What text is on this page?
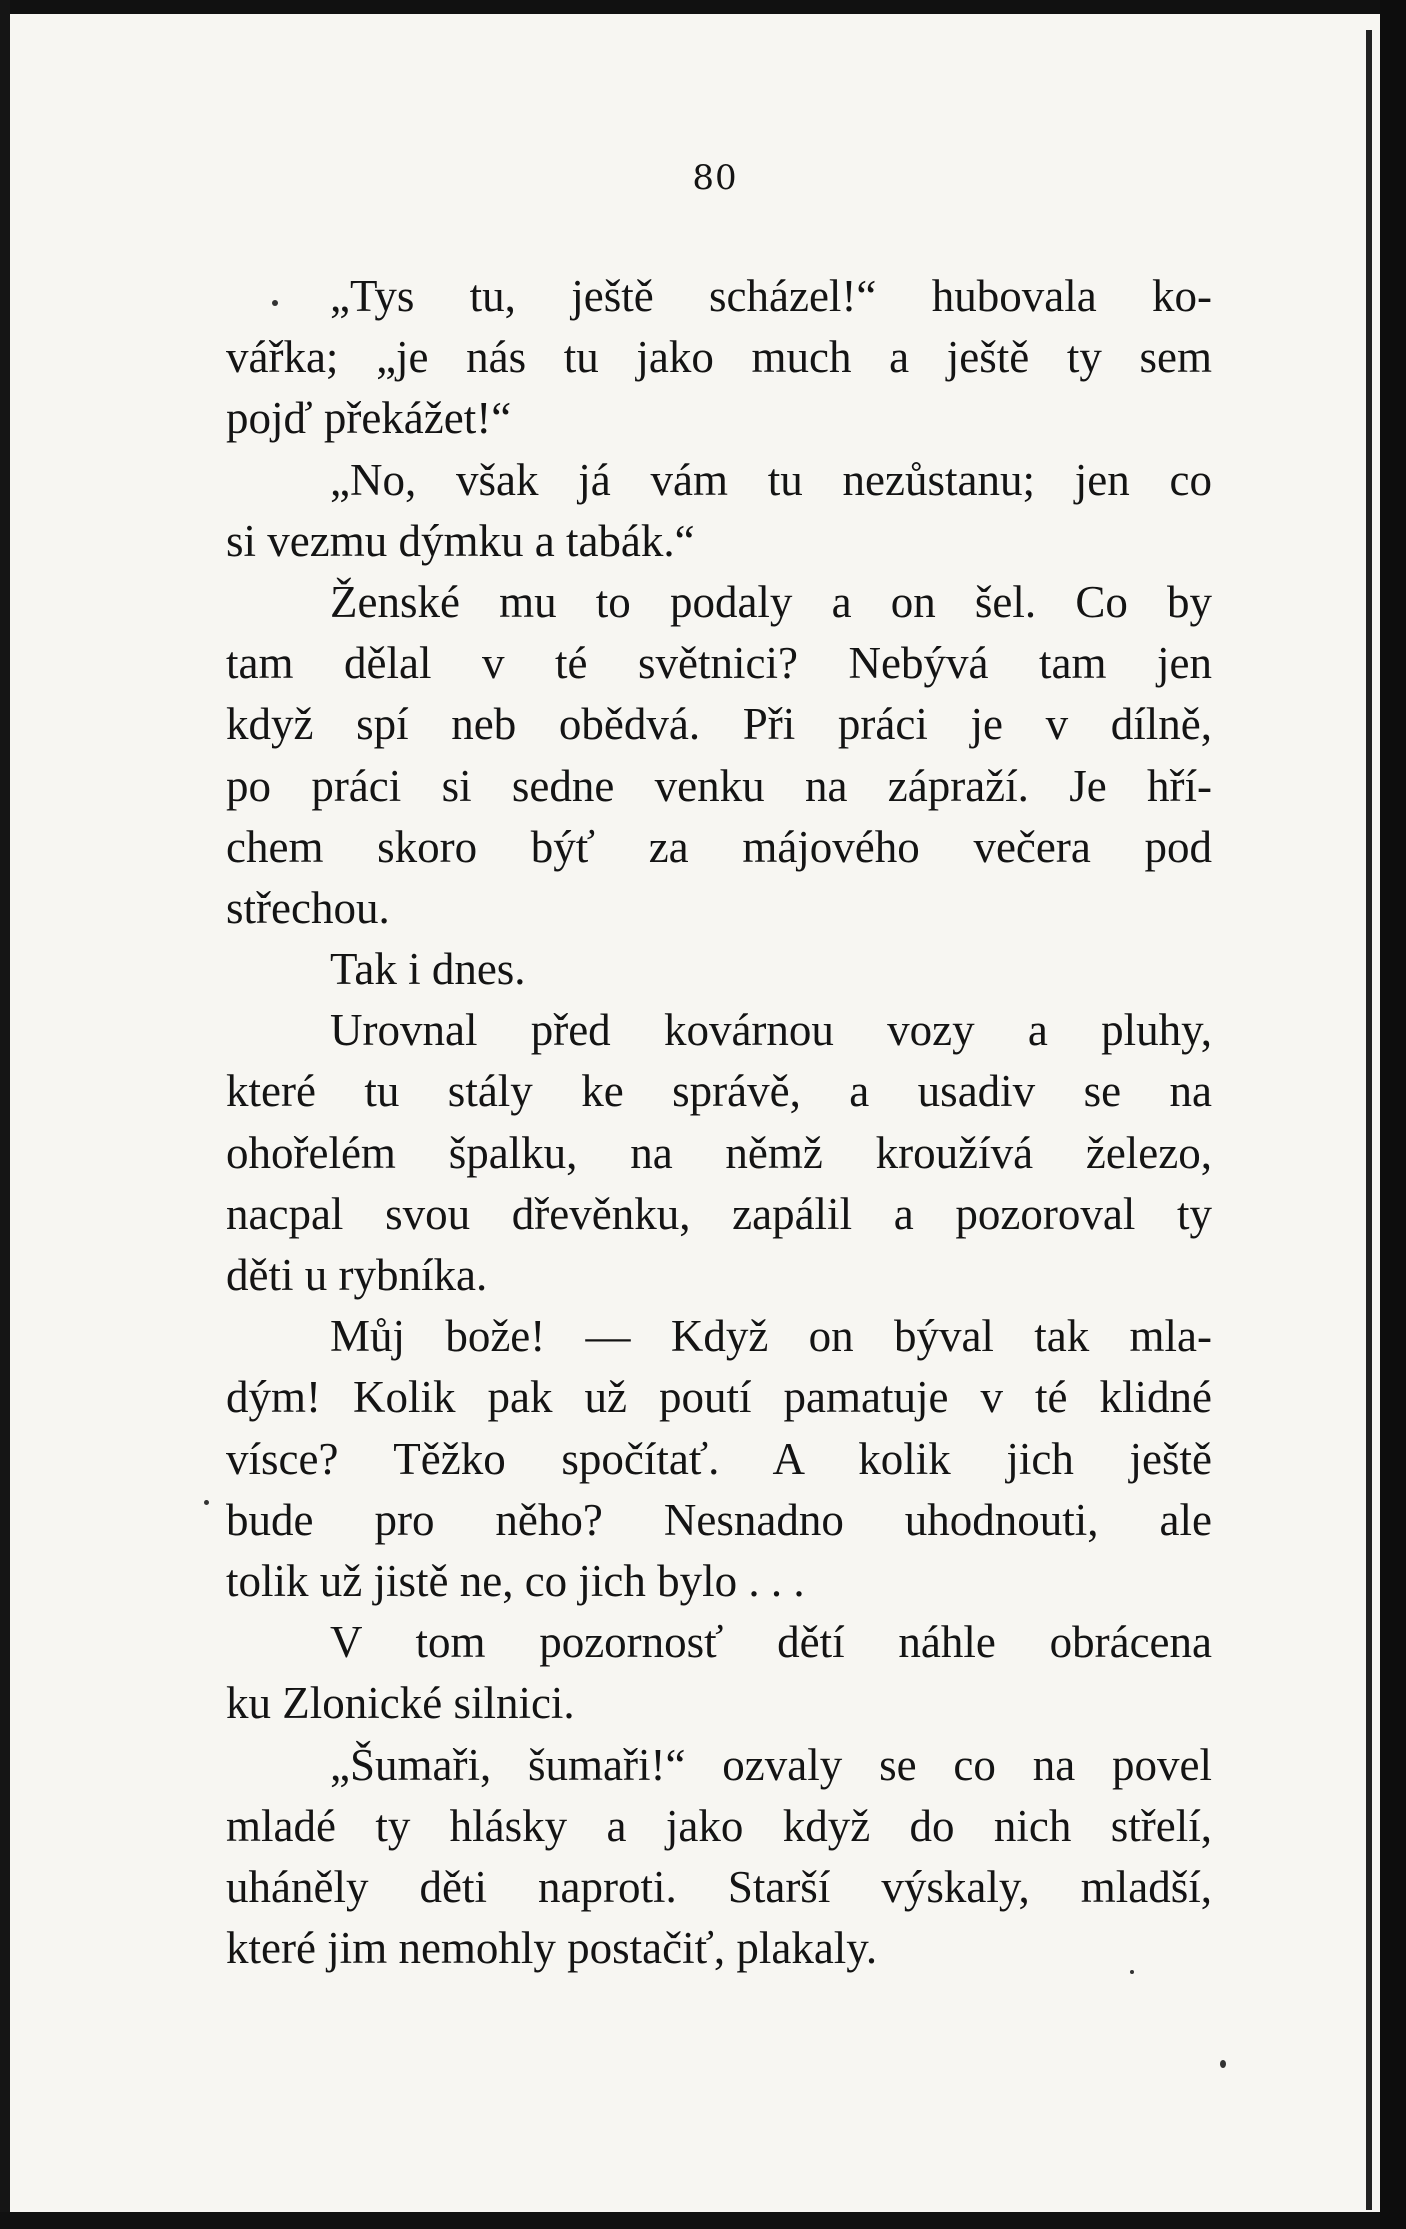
80
„Tys tu, ještě scházel!“ hubovala ko-
vářka; „je nás tu jako much a ještě ty sem
pojď překážet!“
„No, však já vám tu nezůstanu; jen co
si vezmu dýmku a tabák.“
Ženské mu to podaly a on šel. Co by
tam dělal v té světnici? Nebývá tam jen
když spí neb obědvá. Při práci je v dílně,
po práci si sedne venku na zápraží. Je hří-
chem skoro býť za májového večera pod
střechou.
Tak i dnes.
Urovnal před kovárnou vozy a pluhy,
které tu stály ke správě, a usadiv se na
ohořelém špalku, na němž kroužívá železo,
nacpal svou dřevěnku, zapálil a pozoroval ty
děti u rybníka.
Můj bože! — Když on býval tak mla-
dým! Kolik pak už poutí pamatuje v té klidné
vísce? Těžko spočítať. A kolik jich ještě
bude pro něho? Nesnadno uhodnouti, ale
tolik už jistě ne, co jich bylo . . .
V tom pozornosť dětí náhle obrácena
ku Zlonické silnici.
„Šumaři, šumaři!“ ozvaly se co na povel
mladé ty hlásky a jako když do nich střelí,
uháněly děti naproti. Starší výskaly, mladší,
které jim nemohly postačiť, plakaly.
